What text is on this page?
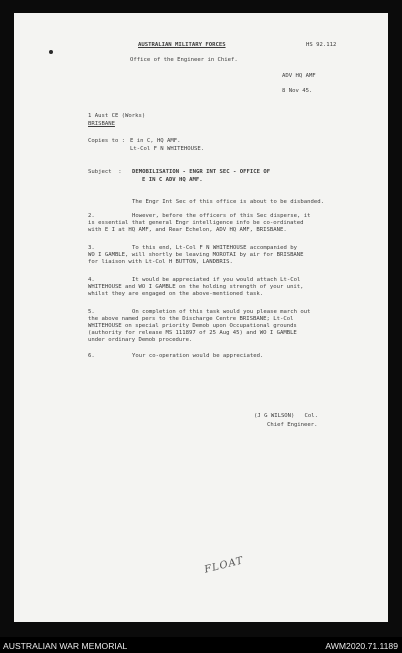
AUSTRALIAN MILITARY FORCES	HS 92.112
Office of the Engineer in Chief.
ADV HQ AMF
8 Nov 45.
1 Aust CE (Works)
BRISBANE
Copies to : E in C, HQ AMF.
Lt-Col F N WHITEHOUSE.
Subject  : DEMOBILISATION - ENGR INT SEC - OFFICE OF
E IN C ADV HQ AMF.
The Engr Int Sec of this office is about to be disbanded.
2.	However, before the officers of this Sec disperse, it
is essential that general Engr intelligence info be co-ordinated
with E I at HQ AMF, and Rear Echelon, ADV HQ AMF, BRISBANE.
3.	To this end, Lt-Col F N WHITEHOUSE accompanied by
WO I GAMBLE, will shortly be leaving MOROTAI by air for BRISBANE
for liaison with Lt-Col H BUTTON, LANDBRIS.
4.	It would be appreciated if you would attach Lt-Col
WHITEHOUSE and WO I GAMBLE on the holding strength of your unit,
whilst they are engaged on the above-mentioned task.
5.	On completion of this task would you please march out
the above named pers to the Discharge Centre BRISBANE; Lt-Col
WHITEHOUSE on special priority Demob upon Occupational grounds
(authority for release MS 111897 of 25 Aug 45) and WO I GAMBLE
under ordinary Demob procedure.
6.	Your co-operation would be appreciated.
(J G WILSON)   Col.
Chief Engineer.
FLOAT
AUSTRALIAN WAR MEMORIAL	AWM2020.71.1189
